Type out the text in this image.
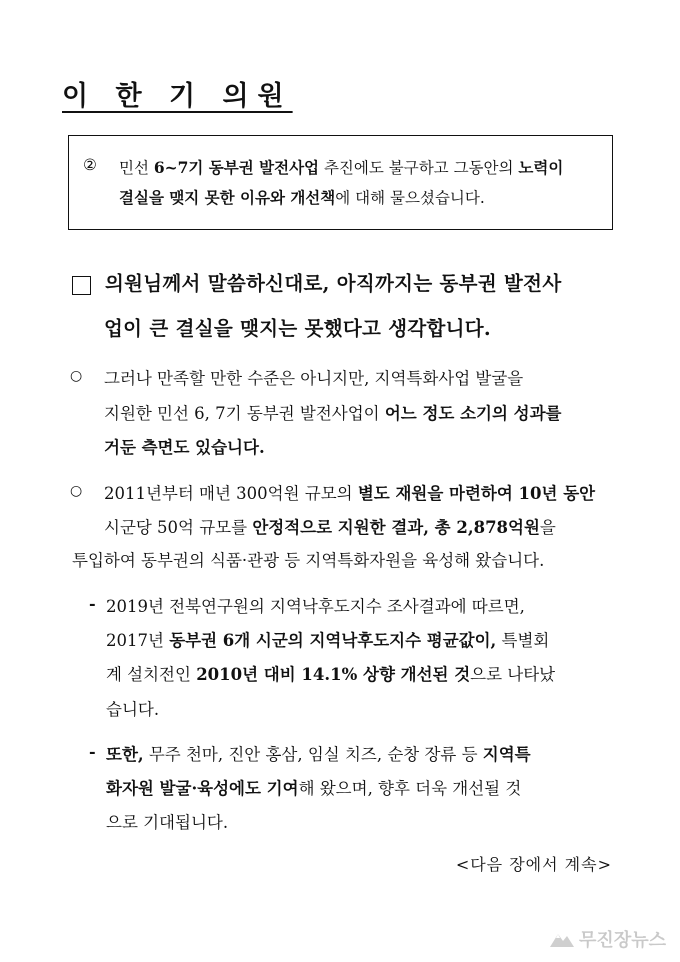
이 한 기 의원
② 민선 6~7기 동부권 발전사업 추진에도 불구하고 그동안의 노력이
결실을 맺지 못한 이유와 개선책에 대해 물으셨습니다.
의원님께서 말씀하신대로, 아직까지는 동부권 발전사
업이 큰 결실을 맺지는 못했다고 생각합니다.
○ 그러나 만족할 만한 수준은 아니지만, 지역특화사업 발굴을
지원한 민선 6, 7기 동부권 발전사업이 어느 정도 소기의 성과를
거둔 측면도 있습니다.
○ 2011년부터 매년 300억원 규모의 별도 재원을 마련하여 10년 동안
시군당 50억 규모를 안정적으로 지원한 결과, 총 2,878억원을
투입하여 동부권의 식품·관광 등 지역특화자원을 육성해 왔습니다.
- 2019년 전북연구원의 지역낙후도지수 조사결과에 따르면,
2017년 동부권 6개 시군의 지역낙후도지수 평균값이, 특별회
계 설치전인 2010년 대비 14.1% 상향 개선된 것으로 나타났
습니다.
- 또한, 무주 천마, 진안 홍삼, 임실 치즈, 순창 장류 등 지역특
화자원 발굴·육성에도 기여해 왔으며, 향후 더욱 개선될 것
으로 기대됩니다.
<다음 장에서 계속>
무진장뉴스
